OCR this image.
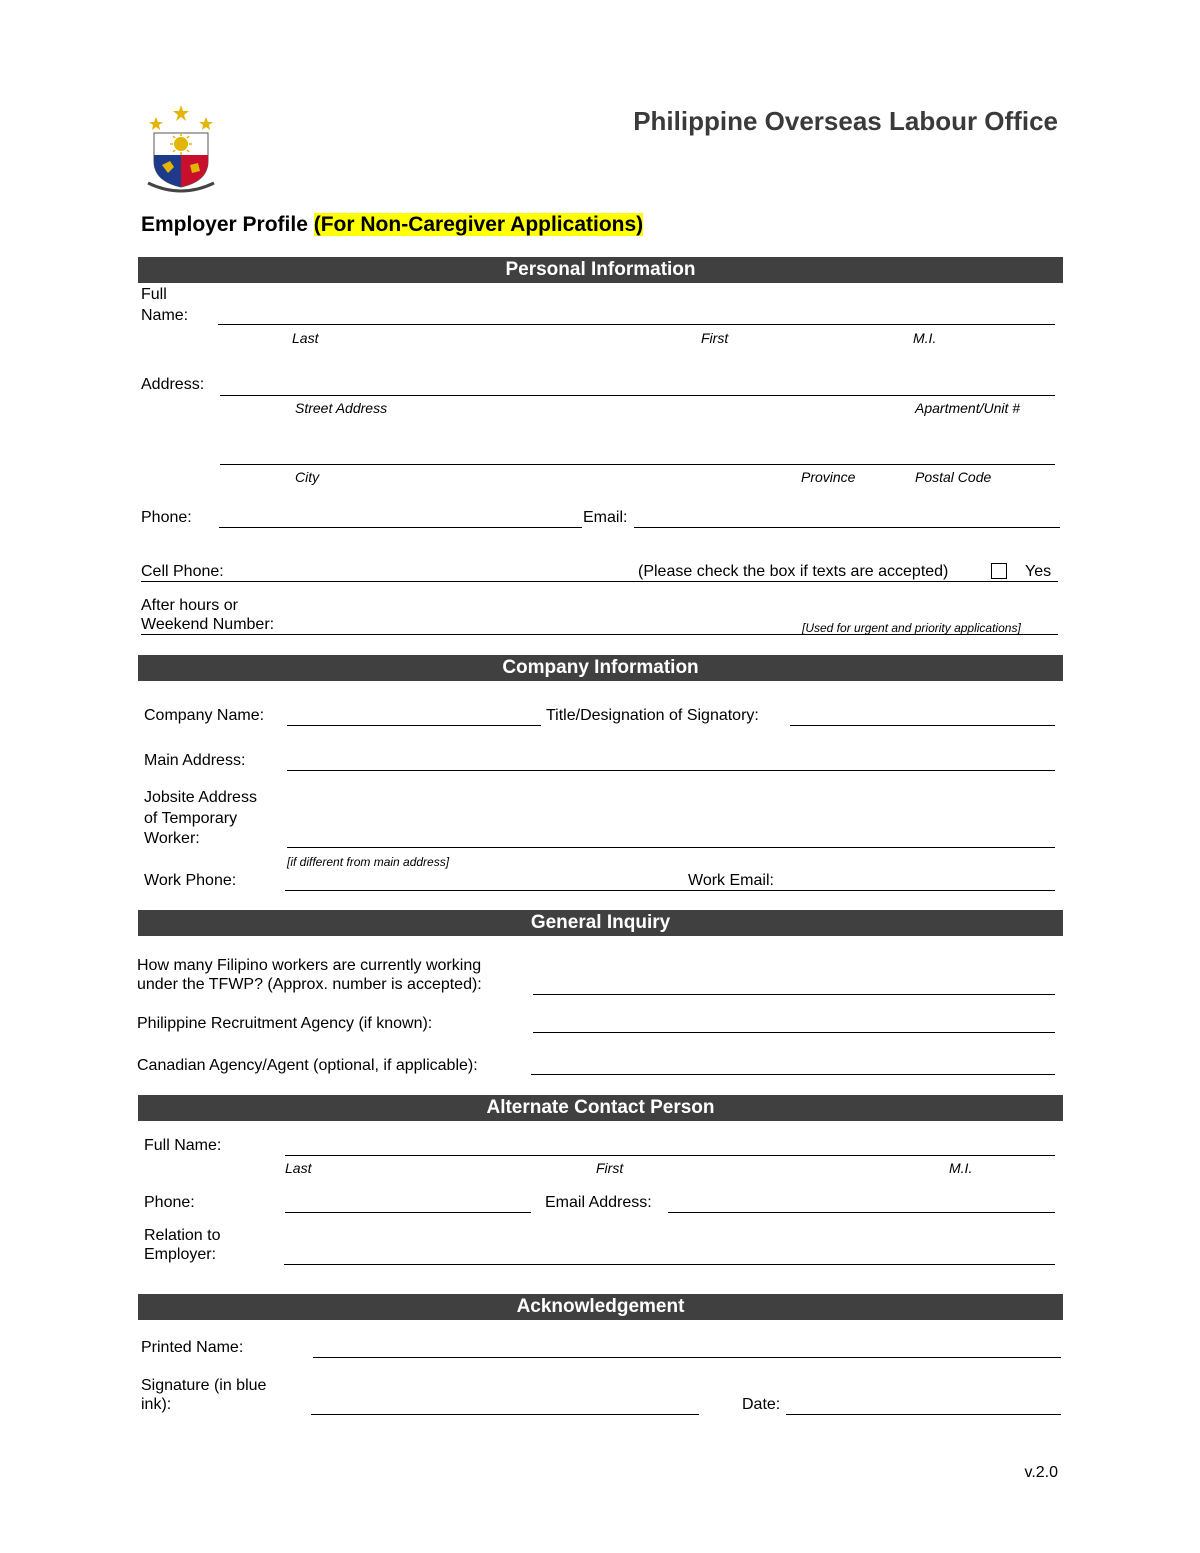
Philippine Overseas Labour Office
Employer Profile (For Non-Caregiver Applications)
Personal Information
Full
Name:
Last	First	M.I.
Address:
Street Address	Apartment/Unit #
City	Province	Postal Code
Phone:	Email:
Cell Phone:	(Please check the box if texts are accepted)	Yes
After hours or
Weekend Number:	[Used for urgent and priority applications]
Company Information
Company Name:	Title/Designation of Signatory:
Main Address:
Jobsite Address
of Temporary
Worker:
[if different from main address]
Work Phone:	Work Email:
General Inquiry
How many Filipino workers are currently working
under the TFWP? (Approx. number is accepted):
Philippine Recruitment Agency (if known):
Canadian Agency/Agent (optional, if applicable):
Alternate Contact Person
Full Name:
Last	First	M.I.
Phone:	Email Address:
Relation to
Employer:
Acknowledgement
Printed Name:
Signature (in blue
ink):	Date:
v.2.0
